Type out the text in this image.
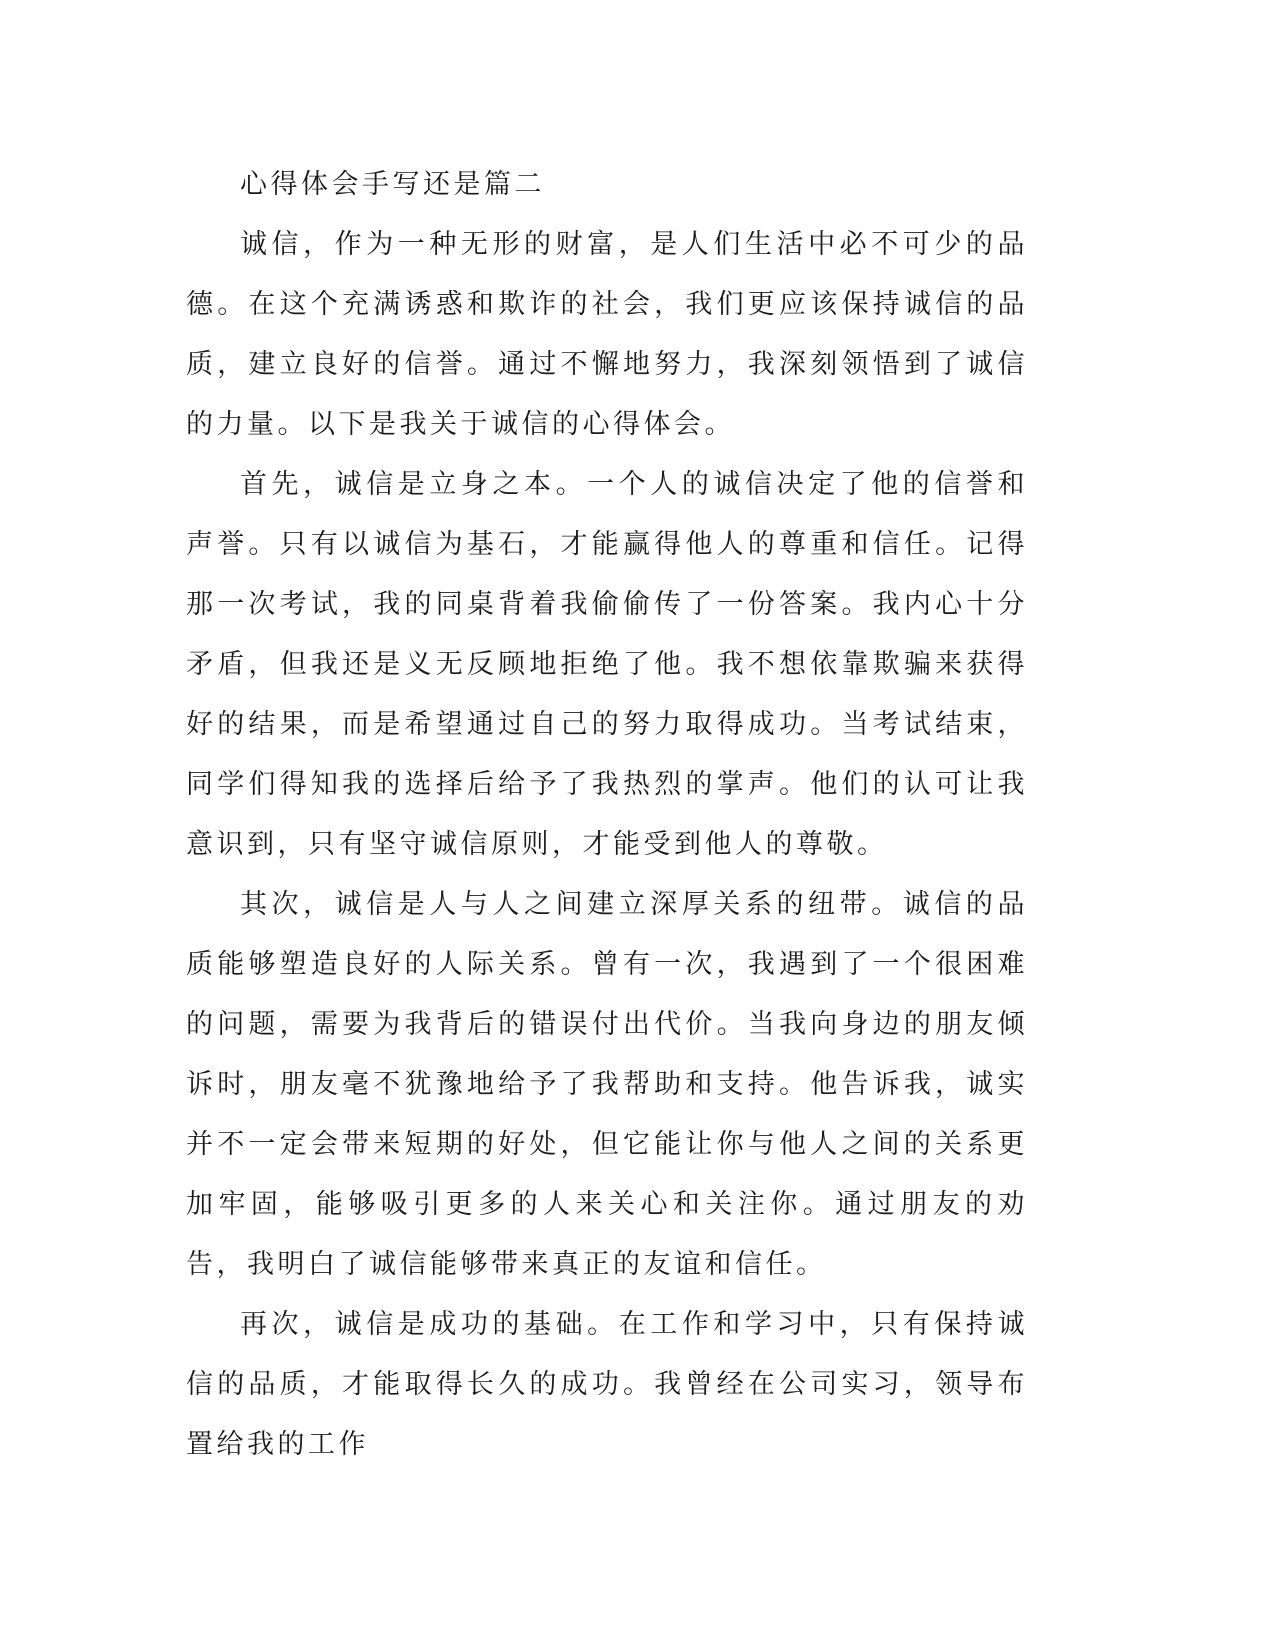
心得体会手写还是篇二

诚信，作为一种无形的财富，是人们生活中必不可少的品德。在这个充满诱惑和欺诈的社会，我们更应该保持诚信的品质，建立良好的信誉。通过不懈地努力，我深刻领悟到了诚信的力量。以下是我关于诚信的心得体会。

首先，诚信是立身之本。一个人的诚信决定了他的信誉和声誉。只有以诚信为基石，才能赢得他人的尊重和信任。记得那一次考试，我的同桌背着我偷偷传了一份答案。我内心十分矛盾，但我还是义无反顾地拒绝了他。我不想依靠欺骗来获得好的结果，而是希望通过自己的努力取得成功。当考试结束，同学们得知我的选择后给予了我热烈的掌声。他们的认可让我意识到，只有坚守诚信原则，才能受到他人的尊敬。

其次，诚信是人与人之间建立深厚关系的纽带。诚信的品质能够塑造良好的人际关系。曾有一次，我遇到了一个很困难的问题，需要为我背后的错误付出代价。当我向身边的朋友倾诉时，朋友毫不犹豫地给予了我帮助和支持。他告诉我，诚实并不一定会带来短期的好处，但它能让你与他人之间的关系更加牢固，能够吸引更多的人来关心和关注你。通过朋友的劝告，我明白了诚信能够带来真正的友谊和信任。

再次，诚信是成功的基础。在工作和学习中，只有保持诚信的品质，才能取得长久的成功。我曾经在公司实习，领导布置给我的工作
